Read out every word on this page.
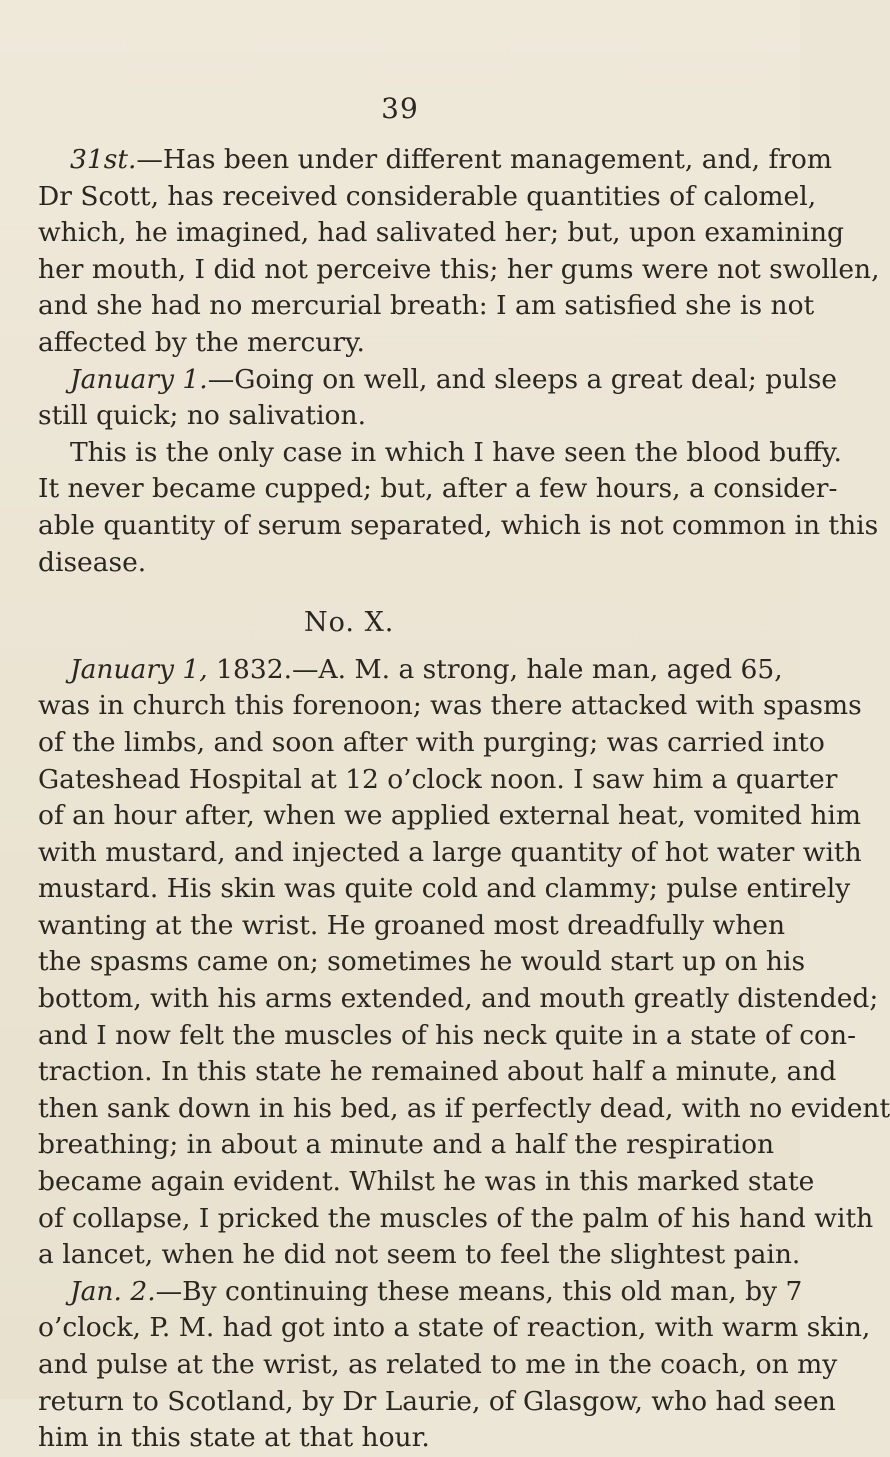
39
31st.—Has been under different management, and, from
Dr Scott, has received considerable quantities of calomel,
which, he imagined, had salivated her; but, upon examining
her mouth, I did not perceive this; her gums were not swollen,
and she had no mercurial breath: I am satisfied she is not
affected by the mercury.
January 1.—Going on well, and sleeps a great deal; pulse
still quick; no salivation.
This is the only case in which I have seen the blood buffy.
It never became cupped; but, after a few hours, a consider-
able quantity of serum separated, which is not common in this
disease.
No. X.
January 1, 1832.—A. M. a strong, hale man, aged 65,
was in church this forenoon; was there attacked with spasms
of the limbs, and soon after with purging; was carried into
Gateshead Hospital at 12 o’clock noon. I saw him a quarter
of an hour after, when we applied external heat, vomited him
with mustard, and injected a large quantity of hot water with
mustard. His skin was quite cold and clammy; pulse entirely
wanting at the wrist. He groaned most dreadfully when
the spasms came on; sometimes he would start up on his
bottom, with his arms extended, and mouth greatly distended;
and I now felt the muscles of his neck quite in a state of con-
traction. In this state he remained about half a minute, and
then sank down in his bed, as if perfectly dead, with no evident
breathing; in about a minute and a half the respiration
became again evident. Whilst he was in this marked state
of collapse, I pricked the muscles of the palm of his hand with
a lancet, when he did not seem to feel the slightest pain.
Jan. 2.—By continuing these means, this old man, by 7
o’clock, P. M. had got into a state of reaction, with warm skin,
and pulse at the wrist, as related to me in the coach, on my
return to Scotland, by Dr Laurie, of Glasgow, who had seen
him in this state at that hour.
